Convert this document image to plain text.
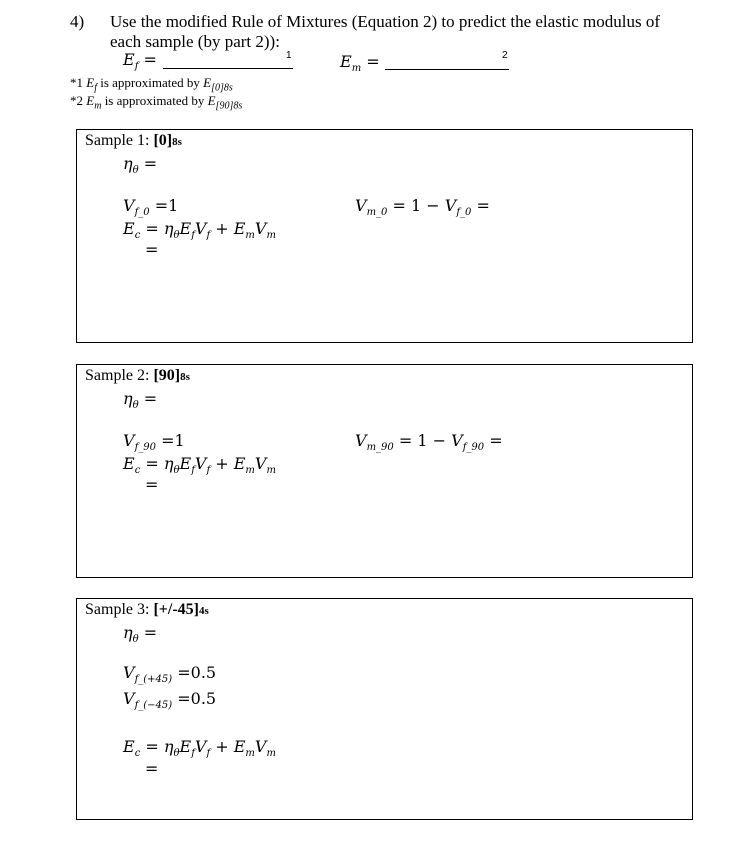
4) Use the modified Rule of Mixtures (Equation 2) to predict the elastic modulus of
each sample (by part 2)):
$E_f$ =	1	$E_m$ =	2
*1 $E_f$ is approximated by $E_{[0]8s}$
*2 $E_m$ is approximated by $E_{[90]8s}$
Sample 1: [0]8s
$\eta_\theta$ =
$V_{f\_0} =1$	$V_{m\_0} = 1 - V_{f\_0}$ =
$E_c = \eta_\theta E_fV_f + E_mV_m$
=
Sample 2: [90]8s
$\eta_\theta$ =
$V_{f\_90} =1$	$V_{m\_90} = 1 - V_{f\_90}$ =
$E_c = \eta_\theta E_fV_f + E_mV_m$
=
Sample 3: [+/-45]4s
$\eta_\theta$ =
$V_{f\_(+45)} =0.5$
$V_{f\_(-45)} =0.5$
$E_c = \eta_\theta E_fV_f + E_mV_m$
=
